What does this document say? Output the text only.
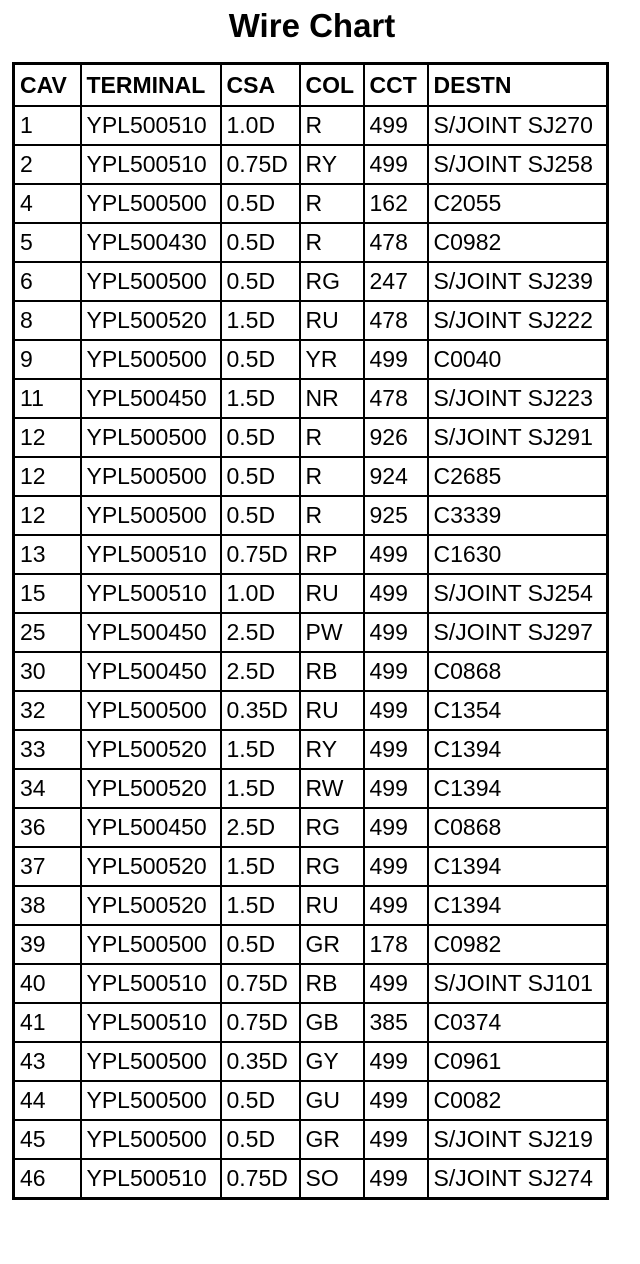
Wire Chart
CAV	TERMINAL	CSA	COL	CCT	DESTN
1	YPL500510	1.0D	R	499	S/JOINT SJ270
2	YPL500510	0.75D	RY	499	S/JOINT SJ258
4	YPL500500	0.5D	R	162	C2055
5	YPL500430	0.5D	R	478	C0982
6	YPL500500	0.5D	RG	247	S/JOINT SJ239
8	YPL500520	1.5D	RU	478	S/JOINT SJ222
9	YPL500500	0.5D	YR	499	C0040
11	YPL500450	1.5D	NR	478	S/JOINT SJ223
12	YPL500500	0.5D	R	926	S/JOINT SJ291
12	YPL500500	0.5D	R	924	C2685
12	YPL500500	0.5D	R	925	C3339
13	YPL500510	0.75D	RP	499	C1630
15	YPL500510	1.0D	RU	499	S/JOINT SJ254
25	YPL500450	2.5D	PW	499	S/JOINT SJ297
30	YPL500450	2.5D	RB	499	C0868
32	YPL500500	0.35D	RU	499	C1354
33	YPL500520	1.5D	RY	499	C1394
34	YPL500520	1.5D	RW	499	C1394
36	YPL500450	2.5D	RG	499	C0868
37	YPL500520	1.5D	RG	499	C1394
38	YPL500520	1.5D	RU	499	C1394
39	YPL500500	0.5D	GR	178	C0982
40	YPL500510	0.75D	RB	499	S/JOINT SJ101
41	YPL500510	0.75D	GB	385	C0374
43	YPL500500	0.35D	GY	499	C0961
44	YPL500500	0.5D	GU	499	C0082
45	YPL500500	0.5D	GR	499	S/JOINT SJ219
46	YPL500510	0.75D	SO	499	S/JOINT SJ274
